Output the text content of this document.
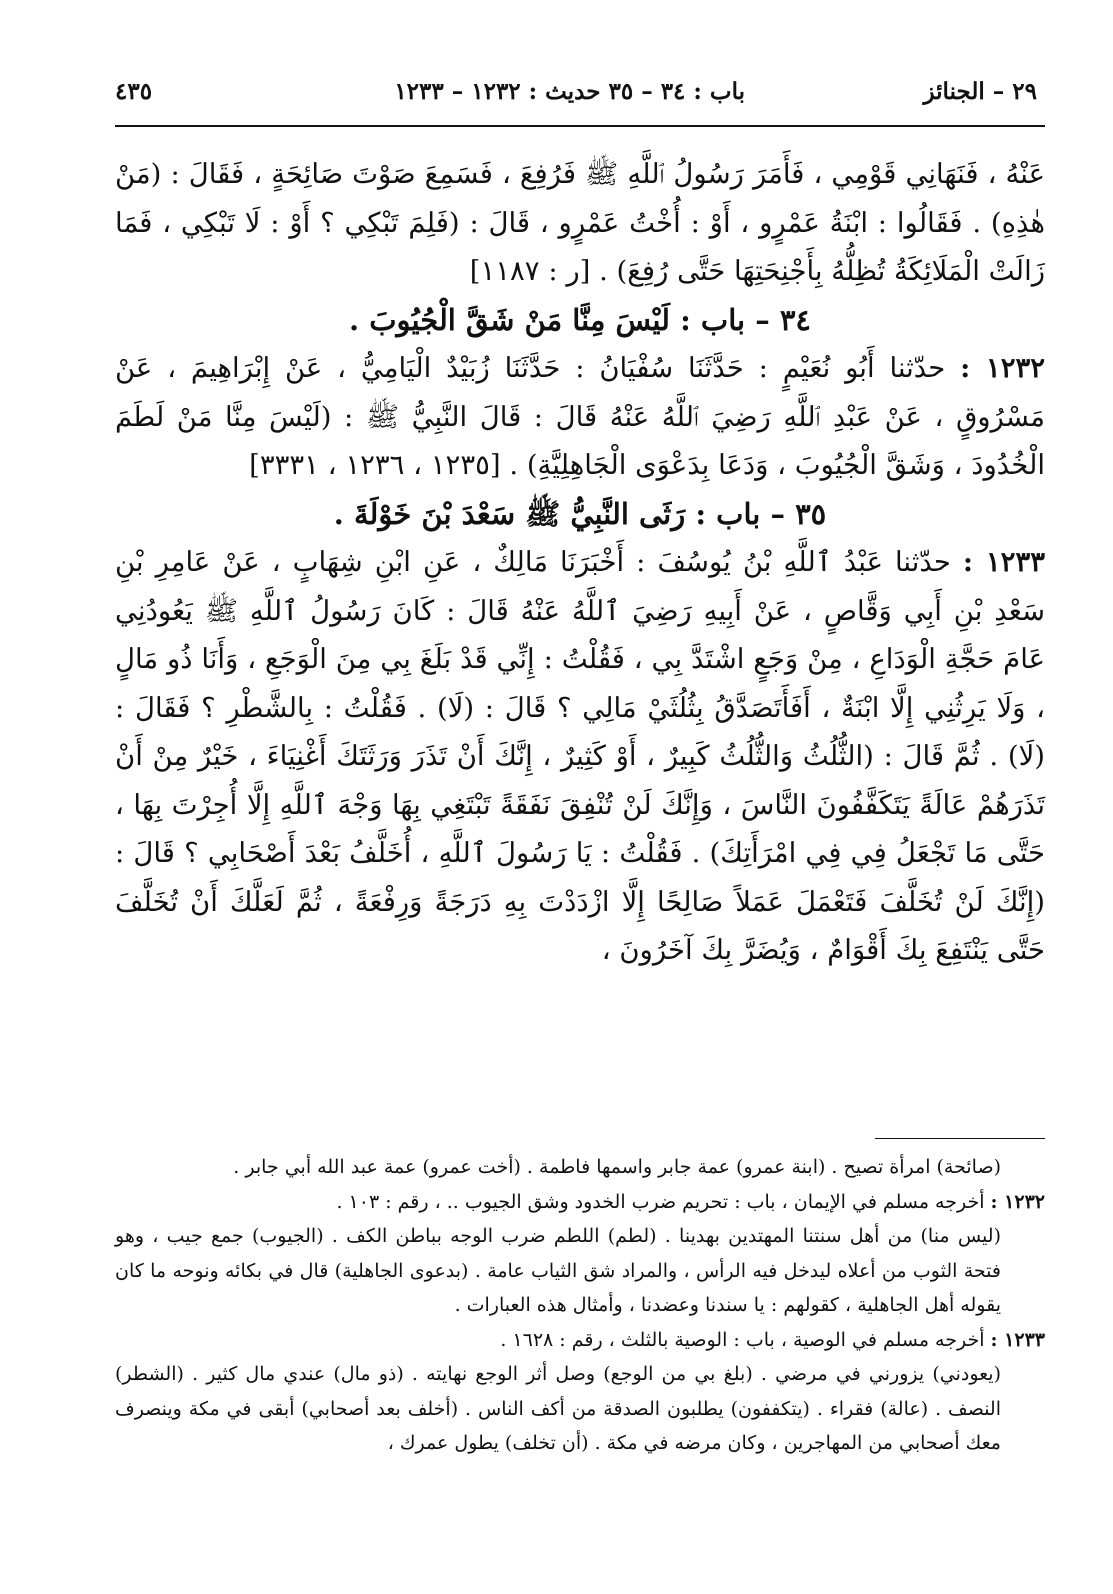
٢٩ – الجنائز
باب : ٣٤ – ٣٥ حديث : ١٢٣٢ – ١٢٣٣
٤٣٥

عَنْهُ ، فَنَهَانِي قَوْمِي ، فَأَمَرَ رَسُولُ ٱللَّهِ ﷺ فَرُفِعَ ، فَسَمِعَ صَوْتَ صَائِحَةٍ ، فَقَالَ : (مَنْ هٰذِهِ) . فَقَالُوا : ابْنَةُ عَمْرٍو ، أَوْ : أُخْتُ عَمْرٍو ، قَالَ : (فَلِمَ تَبْكِي ؟ أَوْ : لَا تَبْكِي ، فَمَا زَالَتْ الْمَلَائِكَةُ تُظِلُّهُ بِأَجْنِحَتِهَا حَتَّى رُفِعَ) . [ر : ١١٨٧]

٣٤ – باب : لَيْسَ مِنَّا مَنْ شَقَّ الْجُيُوبَ .

١٢٣٢ : حدّثنا أَبُو نُعَيْمٍ : حَدَّثَنَا سُفْيَانُ : حَدَّثَنَا زُبَيْدٌ الْيَامِيُّ ، عَنْ إِبْرَاهِيمَ ، عَنْ مَسْرُوقٍ ، عَنْ عَبْدِ ٱللَّهِ رَضِيَ ٱللَّهُ عَنْهُ قَالَ : قَالَ النَّبِيُّ ﷺ : (لَيْسَ مِنَّا مَنْ لَطَمَ الْخُدُودَ ، وَشَقَّ الْجُيُوبَ ، وَدَعَا بِدَعْوَى الْجَاهِلِيَّةِ) . [١٢٣٥ ، ١٢٣٦ ، ٣٣٣١]

٣٥ – باب : رَثَى النَّبِيُّ ﷺ سَعْدَ بْنَ خَوْلَةَ .

١٢٣٣ : حدّثنا عَبْدُ ٱللَّهِ بْنُ يُوسُفَ : أَخْبَرَنَا مَالِكٌ ، عَنِ ابْنِ شِهَابٍ ، عَنْ عَامِرِ بْنِ سَعْدِ بْنِ أَبِي وَقَّاصٍ ، عَنْ أَبِيهِ رَضِيَ ٱللَّهُ عَنْهُ قَالَ : كَانَ رَسُولُ ٱللَّهِ ﷺ يَعُودُنِي عَامَ حَجَّةِ الْوَدَاعِ ، مِنْ وَجَعٍ اشْتَدَّ بِي ، فَقُلْتُ : إِنِّي قَدْ بَلَغَ بِي مِنَ الْوَجَعِ ، وَأَنَا ذُو مَالٍ ، وَلَا يَرِثُنِي إِلَّا ابْنَةٌ ، أَفَأَتَصَدَّقُ بِثُلُثَيْ مَالِي ؟ قَالَ : (لَا) . فَقُلْتُ : بِالشَّطْرِ ؟ فَقَالَ : (لَا) . ثُمَّ قَالَ : (الثُّلُثُ وَالثُّلُثُ كَبِيرٌ ، أَوْ كَثِيرٌ ، إِنَّكَ أَنْ تَذَرَ وَرَثَتَكَ أَغْنِيَاءَ ، خَيْرٌ مِنْ أَنْ تَذَرَهُمْ عَالَةً يَتَكَفَّفُونَ النَّاسَ ، وَإِنَّكَ لَنْ تُنْفِقَ نَفَقَةً تَبْتَغِي بِهَا وَجْهَ ٱللَّهِ إِلَّا أُجِرْتَ بِهَا ، حَتَّى مَا تَجْعَلُ فِي فِي امْرَأَتِكَ) . فَقُلْتُ : يَا رَسُولَ ٱللَّهِ ، أُخَلَّفُ بَعْدَ أَصْحَابِي ؟ قَالَ : (إِنَّكَ لَنْ تُخَلَّفَ فَتَعْمَلَ عَمَلاً صَالِحًا إِلَّا ازْدَدْتَ بِهِ دَرَجَةً وَرِفْعَةً ، ثُمَّ لَعَلَّكَ أَنْ تُخَلَّفَ حَتَّى يَنْتَفِعَ بِكَ أَقْوَامٌ ، وَيُضَرَّ بِكَ آخَرُونَ ،

(صائحة) امرأة تصيح . (ابنة عمرو) عمة جابر واسمها فاطمة . (أخت عمرو) عمة عبد الله أبي جابر .

١٢٣٢ : أخرجه مسلم في الإيمان ، باب : تحريم ضرب الخدود وشق الجيوب .. ، رقم : ١٠٣ .

(ليس منا) من أهل سنتنا المهتدين بهدينا . (لطم) اللطم ضرب الوجه بباطن الكف . (الجيوب) جمع جيب ، وهو فتحة الثوب من أعلاه ليدخل فيه الرأس ، والمراد شق الثياب عامة . (بدعوى الجاهلية) قال في بكائه ونوحه ما كان يقوله أهل الجاهلية ، كقولهم : يا سندنا وعضدنا ، وأمثال هذه العبارات .

١٢٣٣ : أخرجه مسلم في الوصية ، باب : الوصية بالثلث ، رقم : ١٦٢٨ .

(يعودني) يزورني في مرضي . (بلغ بي من الوجع) وصل أثر الوجع نهايته . (ذو مال) عندي مال كثير . (الشطر) النصف . (عالة) فقراء . (يتكففون) يطلبون الصدقة من أكف الناس . (أخلف بعد أصحابي) أبقى في مكة وينصرف معك أصحابي من المهاجرين ، وكان مرضه في مكة . (أن تخلف) يطول عمرك ،
